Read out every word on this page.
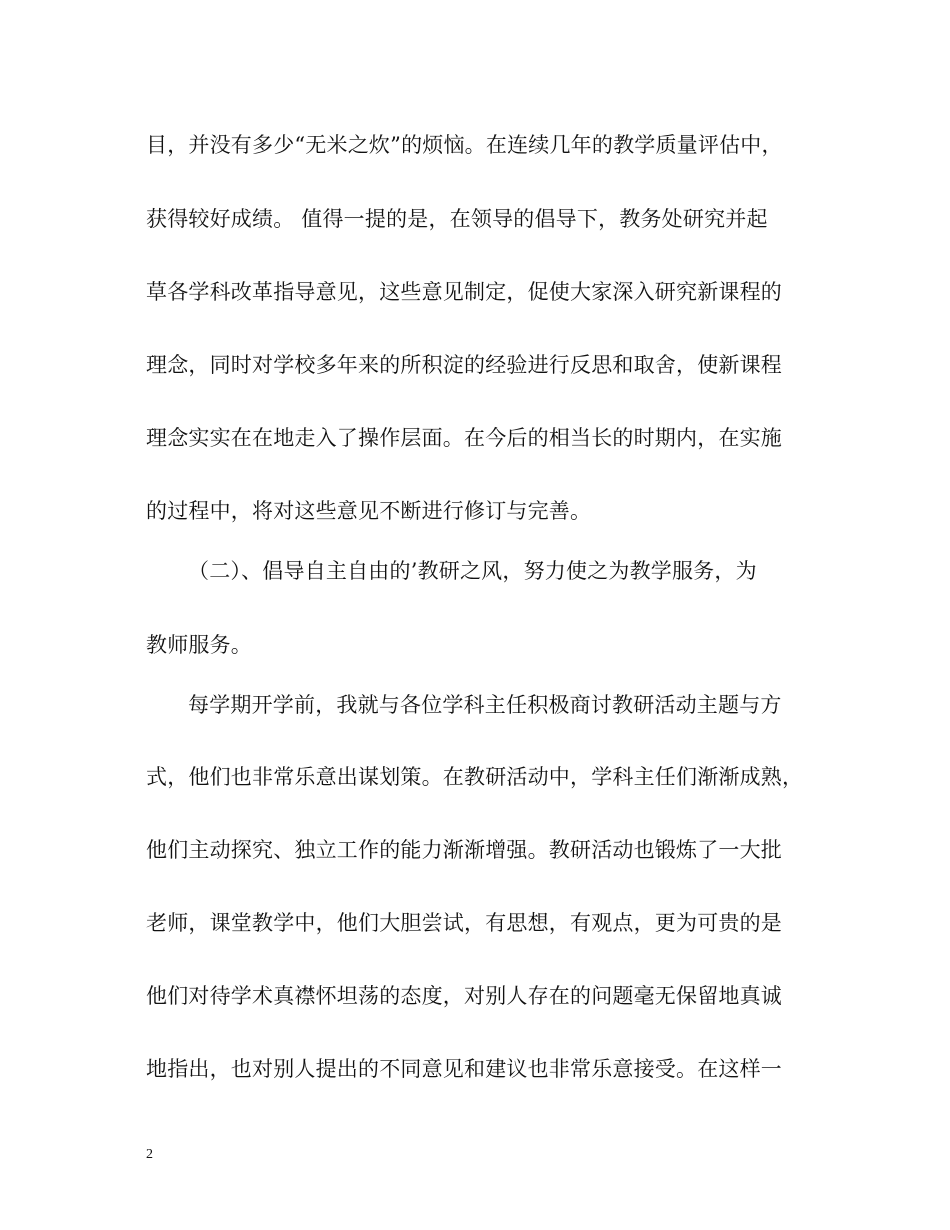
目，并没有多少“无米之炊”的烦恼。在连续几年的教学质量评估中，
获得较好成绩。 值得一提的是，在领导的倡导下，教务处研究并起
草各学科改革指导意见，这些意见制定，促使大家深入研究新课程的
理念，同时对学校多年来的所积淀的经验进行反思和取舍，使新课程
理念实实在在地走入了操作层面。在今后的相当长的时期内，在实施
的过程中，将对这些意见不断进行修订与完善。
（二）、倡导自主自由的’教研之风，努力使之为教学服务，为
教师服务。
每学期开学前，我就与各位学科主任积极商讨教研活动主题与方
式，他们也非常乐意出谋划策。在教研活动中，学科主任们渐渐成熟，
他们主动探究、独立工作的能力渐渐增强。教研活动也锻炼了一大批
老师，课堂教学中，他们大胆尝试，有思想，有观点，更为可贵的是
他们对待学术真襟怀坦荡的态度，对别人存在的问题毫无保留地真诚
地指出，也对别人提出的不同意见和建议也非常乐意接受。在这样一
2
